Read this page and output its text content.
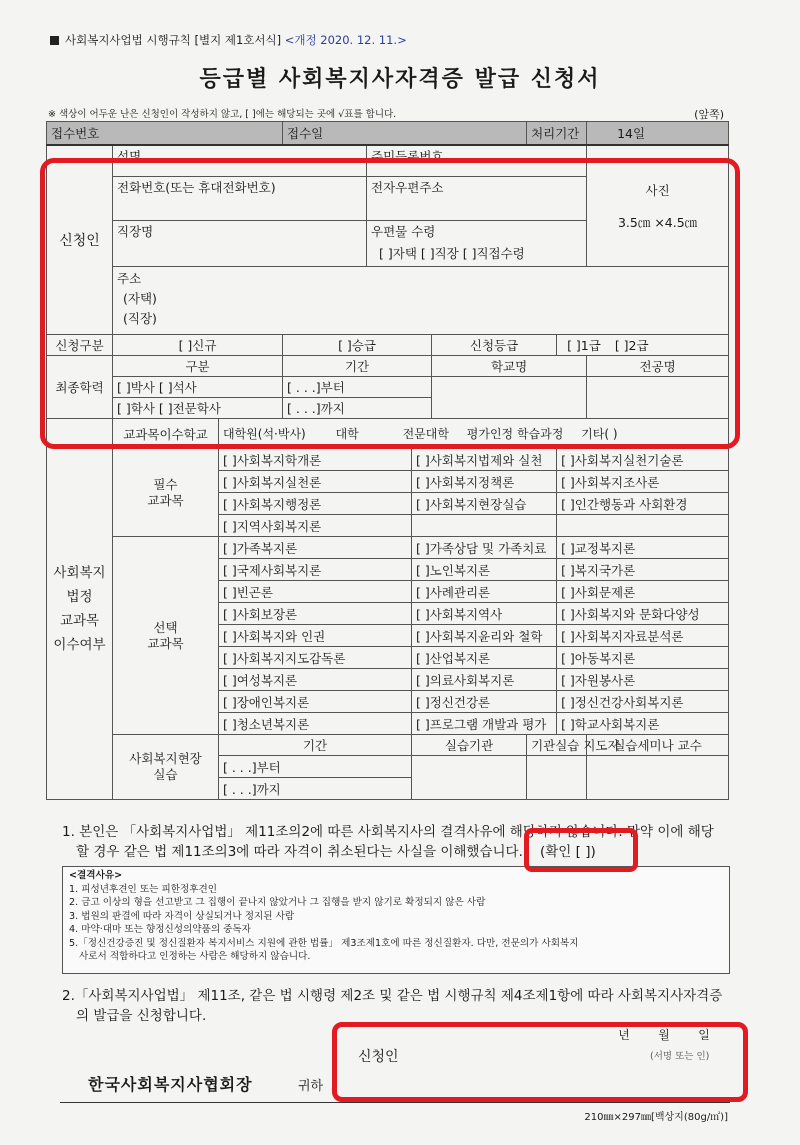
사회복지사업법 시행규칙 [별지 제1호서식] <개정 2020. 12. 11.>
등급별 사회복지사자격증 발급 신청서
※ 색상이 어두운 난은 신청인이 작성하지 않고, [ ]에는 해당되는 곳에 √표를 합니다.	(앞쪽)
접수번호			접수일				처리기간		14일
신청인	성명			주민등록번호					사진
3.5㎝ ×4.5㎝

	전화번호(또는 휴대전화번호)			전자우편주소					
	직장명			우편물 수령
[ ]자택 [ ]직장 [ ]직접수령					

	주소
(자택)
(직장)								

신청구분	[ ]신규		[ ]승급			신청등급		[ ]1급 [ ]2급	
최종학력	구분		기간			학교명			전공명
	[ ]박사 [ ]석사		[ . . .]부터						
	[ ]학사 [ ]전문학사		[ . . .]까지						

사회복지
법정
교과목
이수여부	교과목이수학교	대학원(석·박사) 대학 전문대학 평가인정 학습과정 기타( )							
	필수
교과목	[ ]사회복지학개론			[ ]사회복지법제와 실천			[ ]사회복지실천기술론	
		[ ]사회복지실천론			[ ]사회복지정책론			[ ]사회복지조사론	
		[ ]사회복지행정론			[ ]사회복지현장실습			[ ]인간행동과 사회환경	
		[ ]지역사회복지론							
	선택
교과목	[ ]가족복지론			[ ]가족상담 및 가족치료			[ ]교정복지론	
		[ ]국제사회복지론			[ ]노인복지론			[ ]복지국가론	
		[ ]빈곤론			[ ]사례관리론			[ ]사회문제론	
		[ ]사회보장론			[ ]사회복지역사			[ ]사회복지와 문화다양성	
		[ ]사회복지와 인권			[ ]사회복지윤리와 철학			[ ]사회복지자료분석론	
		[ ]사회복지지도감독론			[ ]산업복지론			[ ]아동복지론	
		[ ]여성복지론			[ ]의료사회복지론			[ ]자원봉사론	
		[ ]장애인복지론			[ ]정신건강론			[ ]정신건강사회복지론	
		[ ]청소년복지론			[ ]프로그램 개발과 평가			[ ]학교사회복지론	
	사회복지현장
실습	기간			실습기관		기관실습 지도자		실습세미나 교수
		[ . . .]부터							
		[ . . .]까지							
1. 본인은 「사회복지사업법」 제11조의2에 따른 사회복지사의 결격사유에 해당하지 않습니다. 만약 이에 해당
할 경우 같은 법 제11조의3에 따라 자격이 취소된다는 사실을 이해했습니다. (확인 [ ])
<결격사유>
1. 피성년후견인 또는 피한정후견인
2. 금고 이상의 형을 선고받고 그 집행이 끝나지 않았거나 그 집행을 받지 않기로 확정되지 않은 사람
3. 법원의 판결에 따라 자격이 상실되거나 정지된 사람
4. 마약·대마 또는 향정신성의약품의 중독자
5.「정신건강증진 및 정신질환자 복지서비스 지원에 관한 법률」 제3조제1호에 따른 정신질환자. 다만, 전문의가 사회복지
사로서 적합하다고 인정하는 사람은 해당하지 않습니다.
2.「사회복지사업법」 제11조, 같은 법 시행령 제2조 및 같은 법 시행규칙 제4조제1항에 따라 사회복지사자격증
의 발급을 신청합니다.
년 월 일
신청인	(서명 또는 인)
한국사회복지사협회장	귀하
210㎜×297㎜[백상지(80g/㎡)]
